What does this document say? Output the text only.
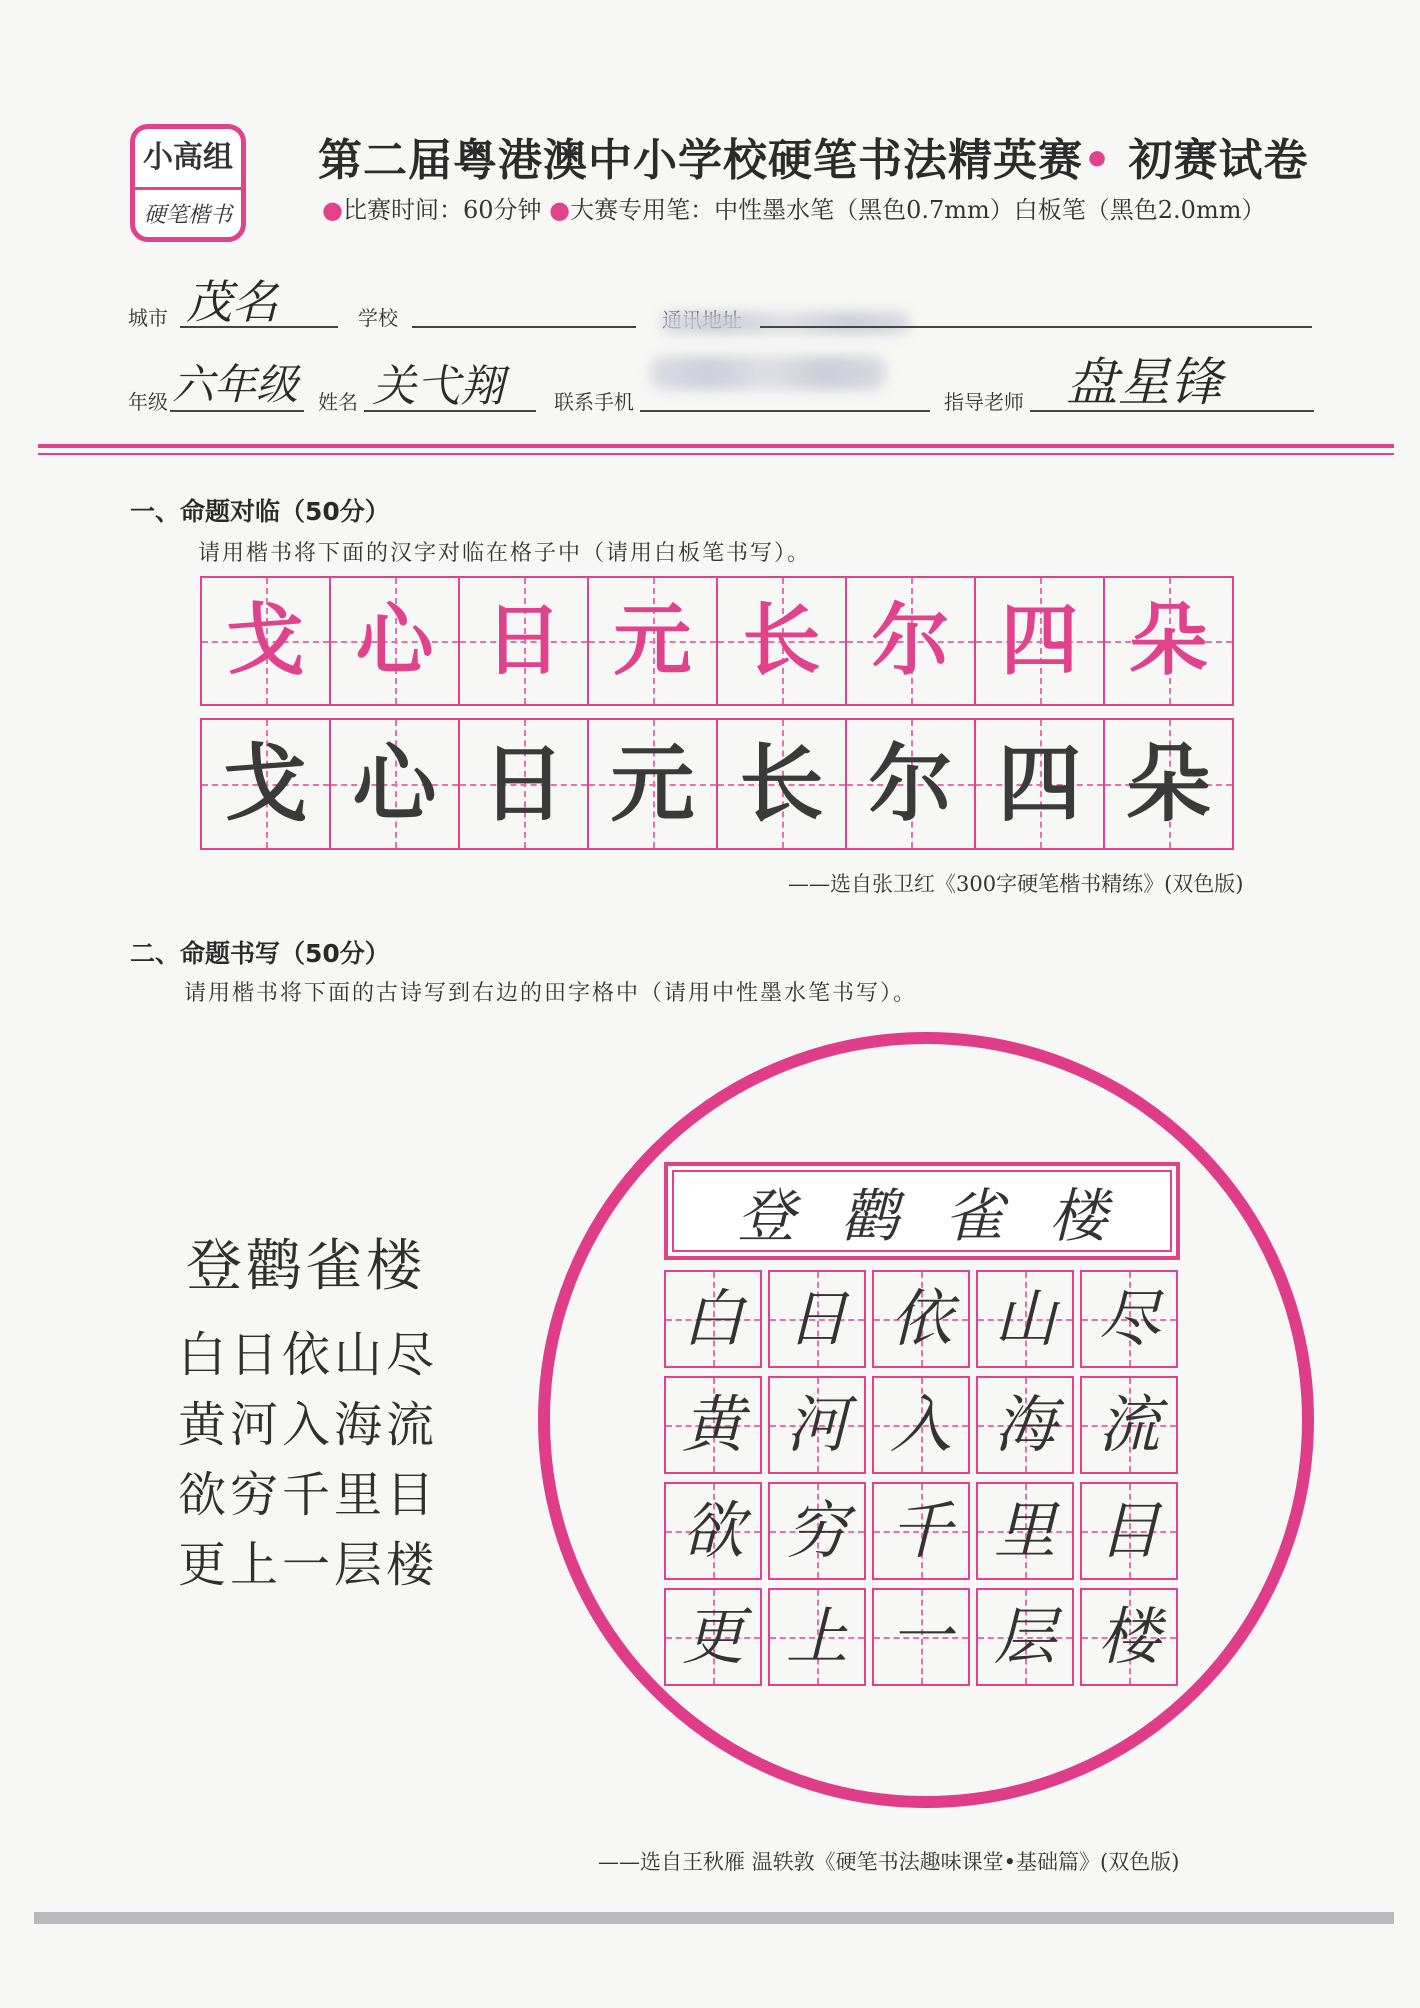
小高组
硬笔楷书
第二届粤港澳中小学校硬笔书法精英赛• 初赛试卷
●比赛时间：60分钟 ●大赛专用笔：中性墨水笔（黑色0.7mm）白板笔（黑色2.0mm）
城市 茂名	学校
年级 六年级 姓名 关弋翔	联系手机	指导老师 盘星锋
一、命题对临（50分）
请用楷书将下面的汉字对临在格子中（请用白板笔书写）。
戈 心 日 元 长 尔 四 朵
戈 心 日 元 长 尔 四 朵
——选自张卫红《300字硬笔楷书精练》(双色版)
二、命题书写（50分）
请用楷书将下面的古诗写到右边的田字格中（请用中性墨水笔书写）。
登鹳雀楼
白日依山尽
黄河入海流
欲穷千里目
更上一层楼
登 鹳 雀 楼
白 日 依 山 尽
黄 河 入 海 流
欲 穷 千 里 目
更 上 一 层 楼
——选自王秋雁 温轶敦《硬笔书法趣味课堂•基础篇》(双色版)
